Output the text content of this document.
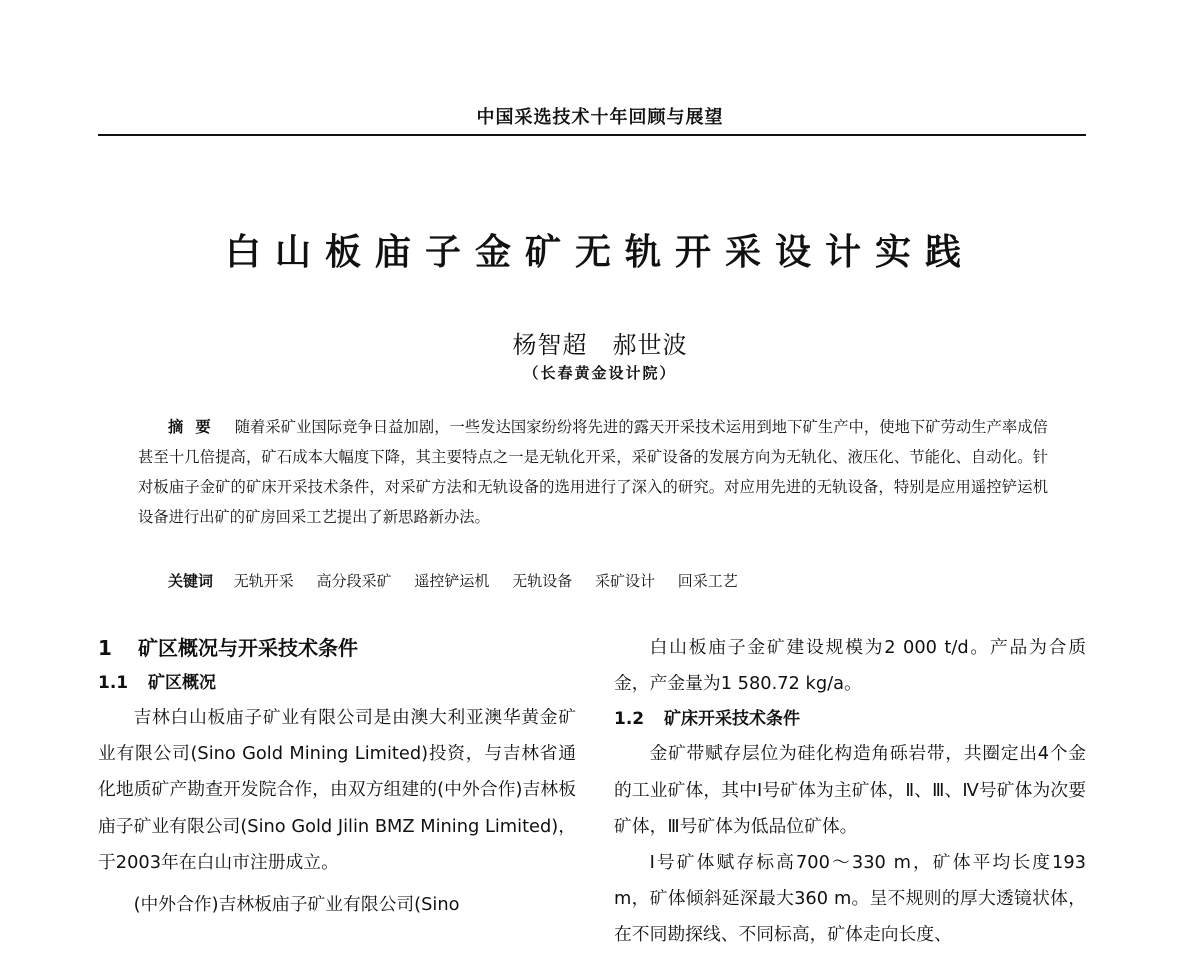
中国采选技术十年回顾与展望
白山板庙子金矿无轨开采设计实践
杨智超　郝世波
（长春黄金设计院）
摘要 随着采矿业国际竞争日益加剧，一些发达国家纷纷将先进的露天开采技术运用到地下矿生产中，使地下矿劳动生产率成倍甚至十几倍提高，矿石成本大幅度下降，其主要特点之一是无轨化开采，采矿设备的发展方向为无轨化、液压化、节能化、自动化。针对板庙子金矿的矿床开采技术条件，对采矿方法和无轨设备的选用进行了深入的研究。对应用先进的无轨设备，特别是应用遥控铲运机设备进行出矿的矿房回采工艺提出了新思路新办法。
关键词 无轨开采 高分段采矿 遥控铲运机 无轨设备 采矿设计 回采工艺
1 矿区概况与开采技术条件
1.1 矿区概况

吉林白山板庙子矿业有限公司是由澳大利亚澳华黄金矿业有限公司(Sino Gold Mining Limited)投资，与吉林省通化地质矿产勘查开发院合作，由双方组建的(中外合作)吉林板庙子矿业有限公司(Sino Gold Jilin BMZ Mining Limited)，于2003年在白山市注册成立。

(中外合作)吉林板庙子矿业有限公司(Sino

白山板庙子金矿建设规模为2 000 t/d。产品为合质金，产金量为1 580.72 kg/a。

1.2 矿床开采技术条件

金矿带赋存层位为硅化构造角砾岩带，共圈定出4个金的工业矿体，其中Ⅰ号矿体为主矿体，Ⅱ、Ⅲ、Ⅳ号矿体为次要矿体，Ⅲ号矿体为低品位矿体。

Ⅰ号矿体赋存标高700～330 m，矿体平均长度193 m，矿体倾斜延深最大360 m。呈不规则的厚大透镜状体，在不同勘探线、不同标高，矿体走向长度、
